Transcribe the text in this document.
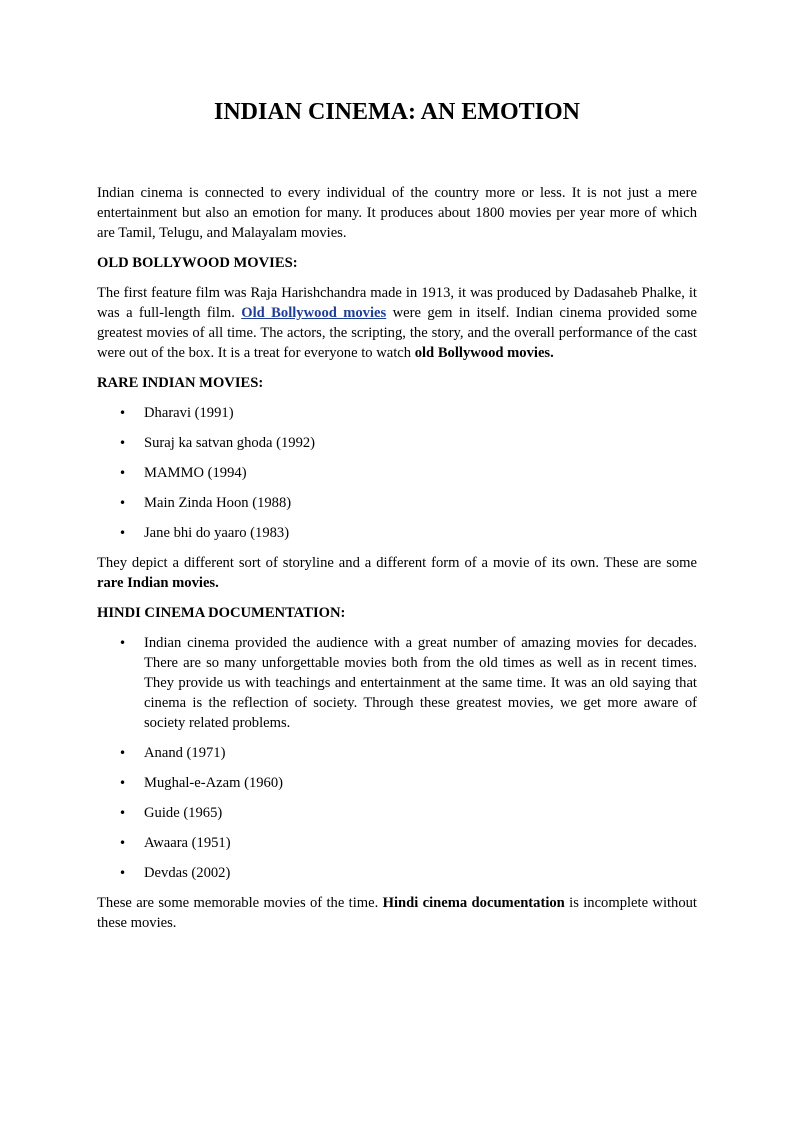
INDIAN CINEMA: AN EMOTION

Indian cinema is connected to every individual of the country more or less. It is not just a mere entertainment but also an emotion for many. It produces about 1800 movies per year more of which are Tamil, Telugu, and Malayalam movies.

OLD BOLLYWOOD MOVIES:

The first feature film was Raja Harishchandra made in 1913, it was produced by Dadasaheb Phalke, it was a full-length film. Old Bollywood movies were gem in itself. Indian cinema provided some greatest movies of all time. The actors, the scripting, the story, and the overall performance of the cast were out of the box. It is a treat for everyone to watch old Bollywood movies.

RARE INDIAN MOVIES:
• Dharavi (1991)
• Suraj ka satvan ghoda (1992)
• MAMMO (1994)
• Main Zinda Hoon (1988)
• Jane bhi do yaaro (1983)

They depict a different sort of storyline and a different form of a movie of its own. These are some rare Indian movies.

HINDI CINEMA DOCUMENTATION:
• Indian cinema provided the audience with a great number of amazing movies for decades. There are so many unforgettable movies both from the old times as well as in recent times. They provide us with teachings and entertainment at the same time. It was an old saying that cinema is the reflection of society. Through these greatest movies, we get more aware of society related problems.
• Anand (1971)
• Mughal-e-Azam (1960)
• Guide (1965)
• Awaara (1951)
• Devdas (2002)

These are some memorable movies of the time. Hindi cinema documentation is incomplete without these movies.
